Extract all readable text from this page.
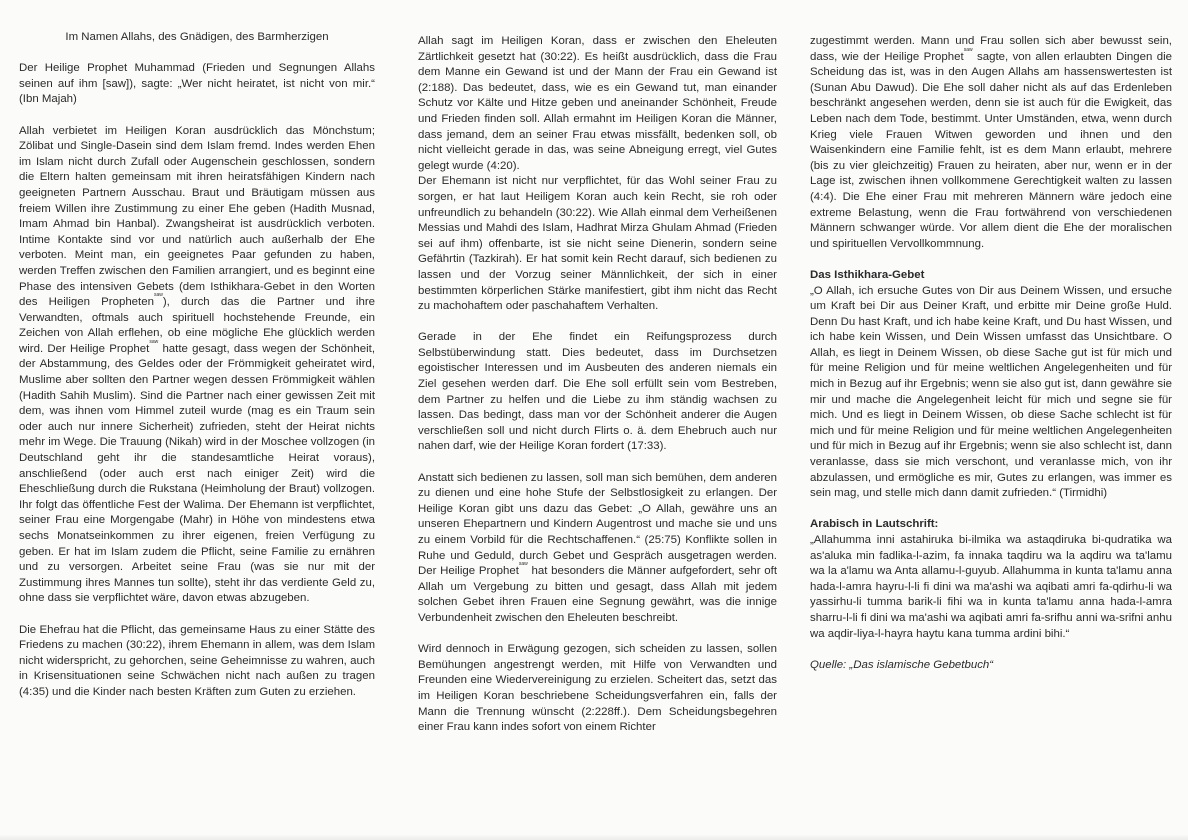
Im Namen Allahs, des Gnädigen, des Barmherzigen

Der Heilige Prophet Muhammad (Frieden und Segnungen Allahs seinen auf ihm [saw]), sagte: „Wer nicht heiratet, ist nicht von mir.“ (Ibn Majah)

Allah verbietet im Heiligen Koran ausdrücklich das Mönchstum; Zölibat und Single-Dasein sind dem Islam fremd. Indes werden Ehen im Islam nicht durch Zufall oder Augenschein geschlossen, sondern die Eltern halten gemeinsam mit ihren heiratsfähigen Kindern nach geeigneten Partnern Ausschau. Braut und Bräutigam müssen aus freiem Willen ihre Zustimmung zu einer Ehe geben (Hadith Musnad, Imam Ahmad bin Hanbal). Zwangsheirat ist ausdrücklich verboten. Intime Kontakte sind vor und natürlich auch außerhalb der Ehe verboten. Meint man, ein geeignetes Paar gefunden zu haben, werden Treffen zwischen den Familien arrangiert, und es beginnt eine Phase des intensiven Gebets (dem Isthikhara-Gebet in den Worten des Heiligen Propheten$^{saw}$), durch das die Partner und ihre Verwandten, oftmals auch spirituell hochstehende Freunde, ein Zeichen von Allah erflehen, ob eine mögliche Ehe glücklich werden wird. Der Heilige Prophet$^{saw}$ hatte gesagt, dass wegen der Schönheit, der Abstammung, des Geldes oder der Frömmigkeit geheiratet wird, Muslime aber sollten den Partner wegen dessen Frömmigkeit wählen (Hadith Sahih Muslim). Sind die Partner nach einer gewissen Zeit mit dem, was ihnen vom Himmel zuteil wurde (mag es ein Traum sein oder auch nur innere Sicherheit) zufrieden, steht der Heirat nichts mehr im Wege. Die Trauung (Nikah) wird in der Moschee vollzogen (in Deutschland geht ihr die standesamtliche Heirat voraus), anschließend (oder auch erst nach einiger Zeit) wird die Eheschließung durch die Rukstana (Heimholung der Braut) vollzogen. Ihr folgt das öffentliche Fest der Walima. Der Ehemann ist verpflichtet, seiner Frau eine Morgengabe (Mahr) in Höhe von mindestens etwa sechs Monatseinkommen zu ihrer eigenen, freien Verfügung zu geben. Er hat im Islam zudem die Pflicht, seine Familie zu ernähren und zu versorgen. Arbeitet seine Frau (was sie nur mit der Zustimmung ihres Mannes tun sollte), steht ihr das verdiente Geld zu, ohne dass sie verpflichtet wäre, davon etwas abzugeben.

Die Ehefrau hat die Pflicht, das gemeinsame Haus zu einer Stätte des Friedens zu machen (30:22), ihrem Ehemann in allem, was dem Islam nicht widerspricht, zu gehorchen, seine Geheimnisse zu wahren, auch in Krisensituationen seine Schwächen nicht nach außen zu tragen (4:35) und die Kinder nach besten Kräften zum Guten zu erziehen.

Allah sagt im Heiligen Koran, dass er zwischen den Eheleuten Zärtlichkeit gesetzt hat (30:22). Es heißt ausdrücklich, dass die Frau dem Manne ein Gewand ist und der Mann der Frau ein Gewand ist (2:188). Das bedeutet, dass, wie es ein Gewand tut, man einander Schutz vor Kälte und Hitze geben und aneinander Schönheit, Freude und Frieden finden soll. Allah ermahnt im Heiligen Koran die Männer, dass jemand, dem an seiner Frau etwas missfällt, bedenken soll, ob nicht vielleicht gerade in das, was seine Abneigung erregt, viel Gutes gelegt wurde (4:20).

Der Ehemann ist nicht nur verpflichtet, für das Wohl seiner Frau zu sorgen, er hat laut Heiligem Koran auch kein Recht, sie roh oder unfreundlich zu behandeln (30:22). Wie Allah einmal dem Verheißenen Messias und Mahdi des Islam, Hadhrat Mirza Ghulam Ahmad (Frieden sei auf ihm) offenbarte, ist sie nicht seine Dienerin, sondern seine Gefährtin (Tazkirah). Er hat somit kein Recht darauf, sich bedienen zu lassen und der Vorzug seiner Männlichkeit, der sich in einer bestimmten körperlichen Stärke manifestiert, gibt ihm nicht das Recht zu machohaftem oder paschahaftem Verhalten.

Gerade in der Ehe findet ein Reifungsprozess durch Selbstüberwindung statt. Dies bedeutet, dass im Durchsetzen egoistischer Interessen und im Ausbeuten des anderen niemals ein Ziel gesehen werden darf. Die Ehe soll erfüllt sein vom Bestreben, dem Partner zu helfen und die Liebe zu ihm ständig wachsen zu lassen. Das bedingt, dass man vor der Schönheit anderer die Augen verschließen soll und nicht durch Flirts o. ä. dem Ehebruch auch nur nahen darf, wie der Heilige Koran fordert (17:33).

Anstatt sich bedienen zu lassen, soll man sich bemühen, dem anderen zu dienen und eine hohe Stufe der Selbstlosigkeit zu erlangen. Der Heilige Koran gibt uns dazu das Gebet: „O Allah, gewähre uns an unseren Ehepartnern und Kindern Augentrost und mache sie und uns zu einem Vorbild für die Rechtschaffenen.“ (25:75) Konflikte sollen in Ruhe und Geduld, durch Gebet und Gespräch ausgetragen werden. Der Heilige Prophet$^{saw}$ hat besonders die Männer aufgefordert, sehr oft Allah um Vergebung zu bitten und gesagt, dass Allah mit jedem solchen Gebet ihren Frauen eine Segnung gewährt, was die innige Verbundenheit zwischen den Eheleuten beschreibt.

Wird dennoch in Erwägung gezogen, sich scheiden zu lassen, sollen Bemühungen angestrengt werden, mit Hilfe von Verwandten und Freunden eine Wiedervereinigung zu erzielen. Scheitert das, setzt das im Heiligen Koran beschriebene Scheidungsverfahren ein, falls der Mann die Trennung wünscht (2:228ff.). Dem Scheidungsbegehren einer Frau kann indes sofort von einem Richter

zugestimmt werden. Mann und Frau sollen sich aber bewusst sein, dass, wie der Heilige Prophet$^{saw}$ sagte, von allen erlaubten Dingen die Scheidung das ist, was in den Augen Allahs am hassenswertesten ist (Sunan Abu Dawud). Die Ehe soll daher nicht als auf das Erdenleben beschränkt angesehen werden, denn sie ist auch für die Ewigkeit, das Leben nach dem Tode, bestimmt. Unter Umständen, etwa, wenn durch Krieg viele Frauen Witwen geworden und ihnen und den Waisenkindern eine Familie fehlt, ist es dem Mann erlaubt, mehrere (bis zu vier gleichzeitig) Frauen zu heiraten, aber nur, wenn er in der Lage ist, zwischen ihnen vollkommene Gerechtigkeit walten zu lassen (4:4). Die Ehe einer Frau mit mehreren Männern wäre jedoch eine extreme Belastung, wenn die Frau fortwährend von verschiedenen Männern schwanger würde. Vor allem dient die Ehe der moralischen und spirituellen Vervollkommnung.

Das Isthikhara-Gebet

„O Allah, ich ersuche Gutes von Dir aus Deinem Wissen, und ersuche um Kraft bei Dir aus Deiner Kraft, und erbitte mir Deine große Huld. Denn Du hast Kraft, und ich habe keine Kraft, und Du hast Wissen, und ich habe kein Wissen, und Dein Wissen umfasst das Unsichtbare. O Allah, es liegt in Deinem Wissen, ob diese Sache gut ist für mich und für meine Religion und für meine weltlichen Angelegenheiten und für mich in Bezug auf ihr Ergebnis; wenn sie also gut ist, dann gewähre sie mir und mache die Angelegenheit leicht für mich und segne sie für mich. Und es liegt in Deinem Wissen, ob diese Sache schlecht ist für mich und für meine Religion und für meine weltlichen Angelegenheiten und für mich in Bezug auf ihr Ergebnis; wenn sie also schlecht ist, dann veranlasse, dass sie mich verschont, und veranlasse mich, von ihr abzulassen, und ermögliche es mir, Gutes zu erlangen, was immer es sein mag, und stelle mich dann damit zufrieden.“ (Tirmidhi)

Arabisch in Lautschrift:

„Allahumma inni astahiruka bi-ilmika wa astaqdiruka bi-qudratika wa as'aluka min fadlika-l-azim, fa innaka taqdiru wa la aqdiru wa ta'lamu wa la a'lamu wa Anta allamu-l-guyub. Allahumma in kunta ta'lamu anna hada-l-amra hayru-l-li fi dini wa ma'ashi wa aqibati amri fa-qdirhu-li wa yassirhu-li tumma barik-li fihi wa in kunta ta'lamu anna hada-l-amra sharru-l-li fi dini wa ma'ashi wa aqibati amri fa-srifhu anni wa-srifni anhu wa aqdir-liya-l-hayra haytu kana tumma ardini bihi.“

Quelle: „Das islamische Gebetbuch“
